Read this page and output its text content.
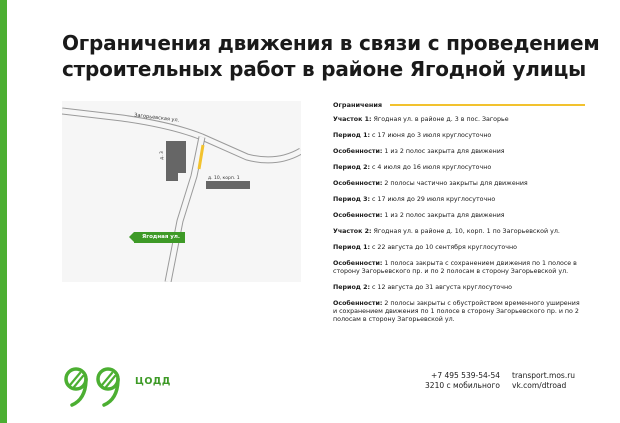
Ограничения движения в связи с проведением строительных работ в районе Ягодной улицы
Загорьевская ул.
д. 3
д. 10, корп. 1
Ягодная ул.
Ограничения

Участок 1: Ягодная ул. в районе д. 3 в пос. Загорье

Период 1: с 17 июня до 3 июля круглосуточно

Особенности: 1 из 2 полос закрыта для движения

Период 2: с 4 июля до 16 июля круглосуточно

Особенности: 2 полосы частично закрыты для движения

Период 3: с 17 июля до 29 июля круглосуточно

Особенности: 1 из 2 полос закрыта для движения

Участок 2: Ягодная ул. в районе д. 10, корп. 1 по Загорьевской ул.

Период 1: с 22 августа до 10 сентября круглосуточно

Особенности: 1 полоса закрыта с сохранением движения по 1 полосе в сторону Загорьевского пр. и по 2 полосам в сторону Загорьевской ул.

Период 2: с 12 августа до 31 августа круглосуточно

Особенности: 2 полосы закрыты с обустройством временного уширения и сохранением движения по 1 полосе в сторону Загорьевского пр. и по 2 полосам в сторону Загорьевской ул.

ЦОДД
+7 495 539-54-54
3210 с мобильного
transport.mos.ru
vk.com/dtroad
